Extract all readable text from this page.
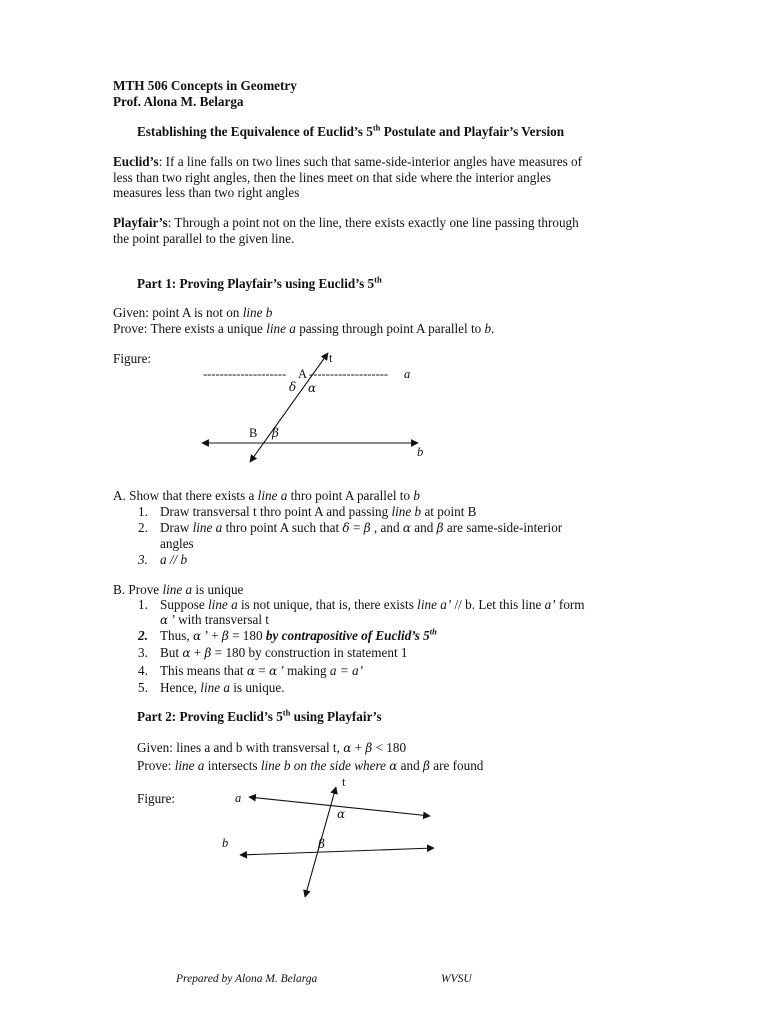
MTH 506 Concepts in Geometry
Prof. Alona M. Belarga
Establishing the Equivalence of Euclid’s 5th Postulate and Playfair’s Version
Euclid’s: If a line falls on two lines such that same-side-interior angles have measures of
less than two right angles, then the lines meet on that side where the interior angles
measures less than two right angles
Playfair’s: Through a point not on the line, there exists exactly one line passing through
the point parallel to the given line.
Part 1: Proving Playfair’s using Euclid’s 5th
Given: point A is not on line b
Prove: There exists a unique line a passing through point A parallel to b.
Figure:
-------------------- A ------------------- a
t
δ α
B β
b
a
t
α
b	β
A. Show that there exists a line a thro point A parallel to b
1. Draw transversal t thro point A and passing line b at point B
2. Draw line a thro point A such that δ = β , and α and β are same-side-interior
angles
3. a // b
B. Prove line a is unique
1. Suppose line a is not unique, that is, there exists line a’ // b. Let this line a’ form
α ’ with transversal t
2. Thus, α ’ + β = 180 by contrapositive of Euclid’s 5th
3. But α + β = 180 by construction in statement 1
4. This means that α = α ’ making a = a’
5. Hence, line a is unique.
Part 2: Proving Euclid’s 5th using Playfair’s
Given: lines a and b with transversal t, α + β < 180
Prove: line a intersects line b on the side where α and β are found
Figure:
Prepared by Alona M. Belarga	WVSU
